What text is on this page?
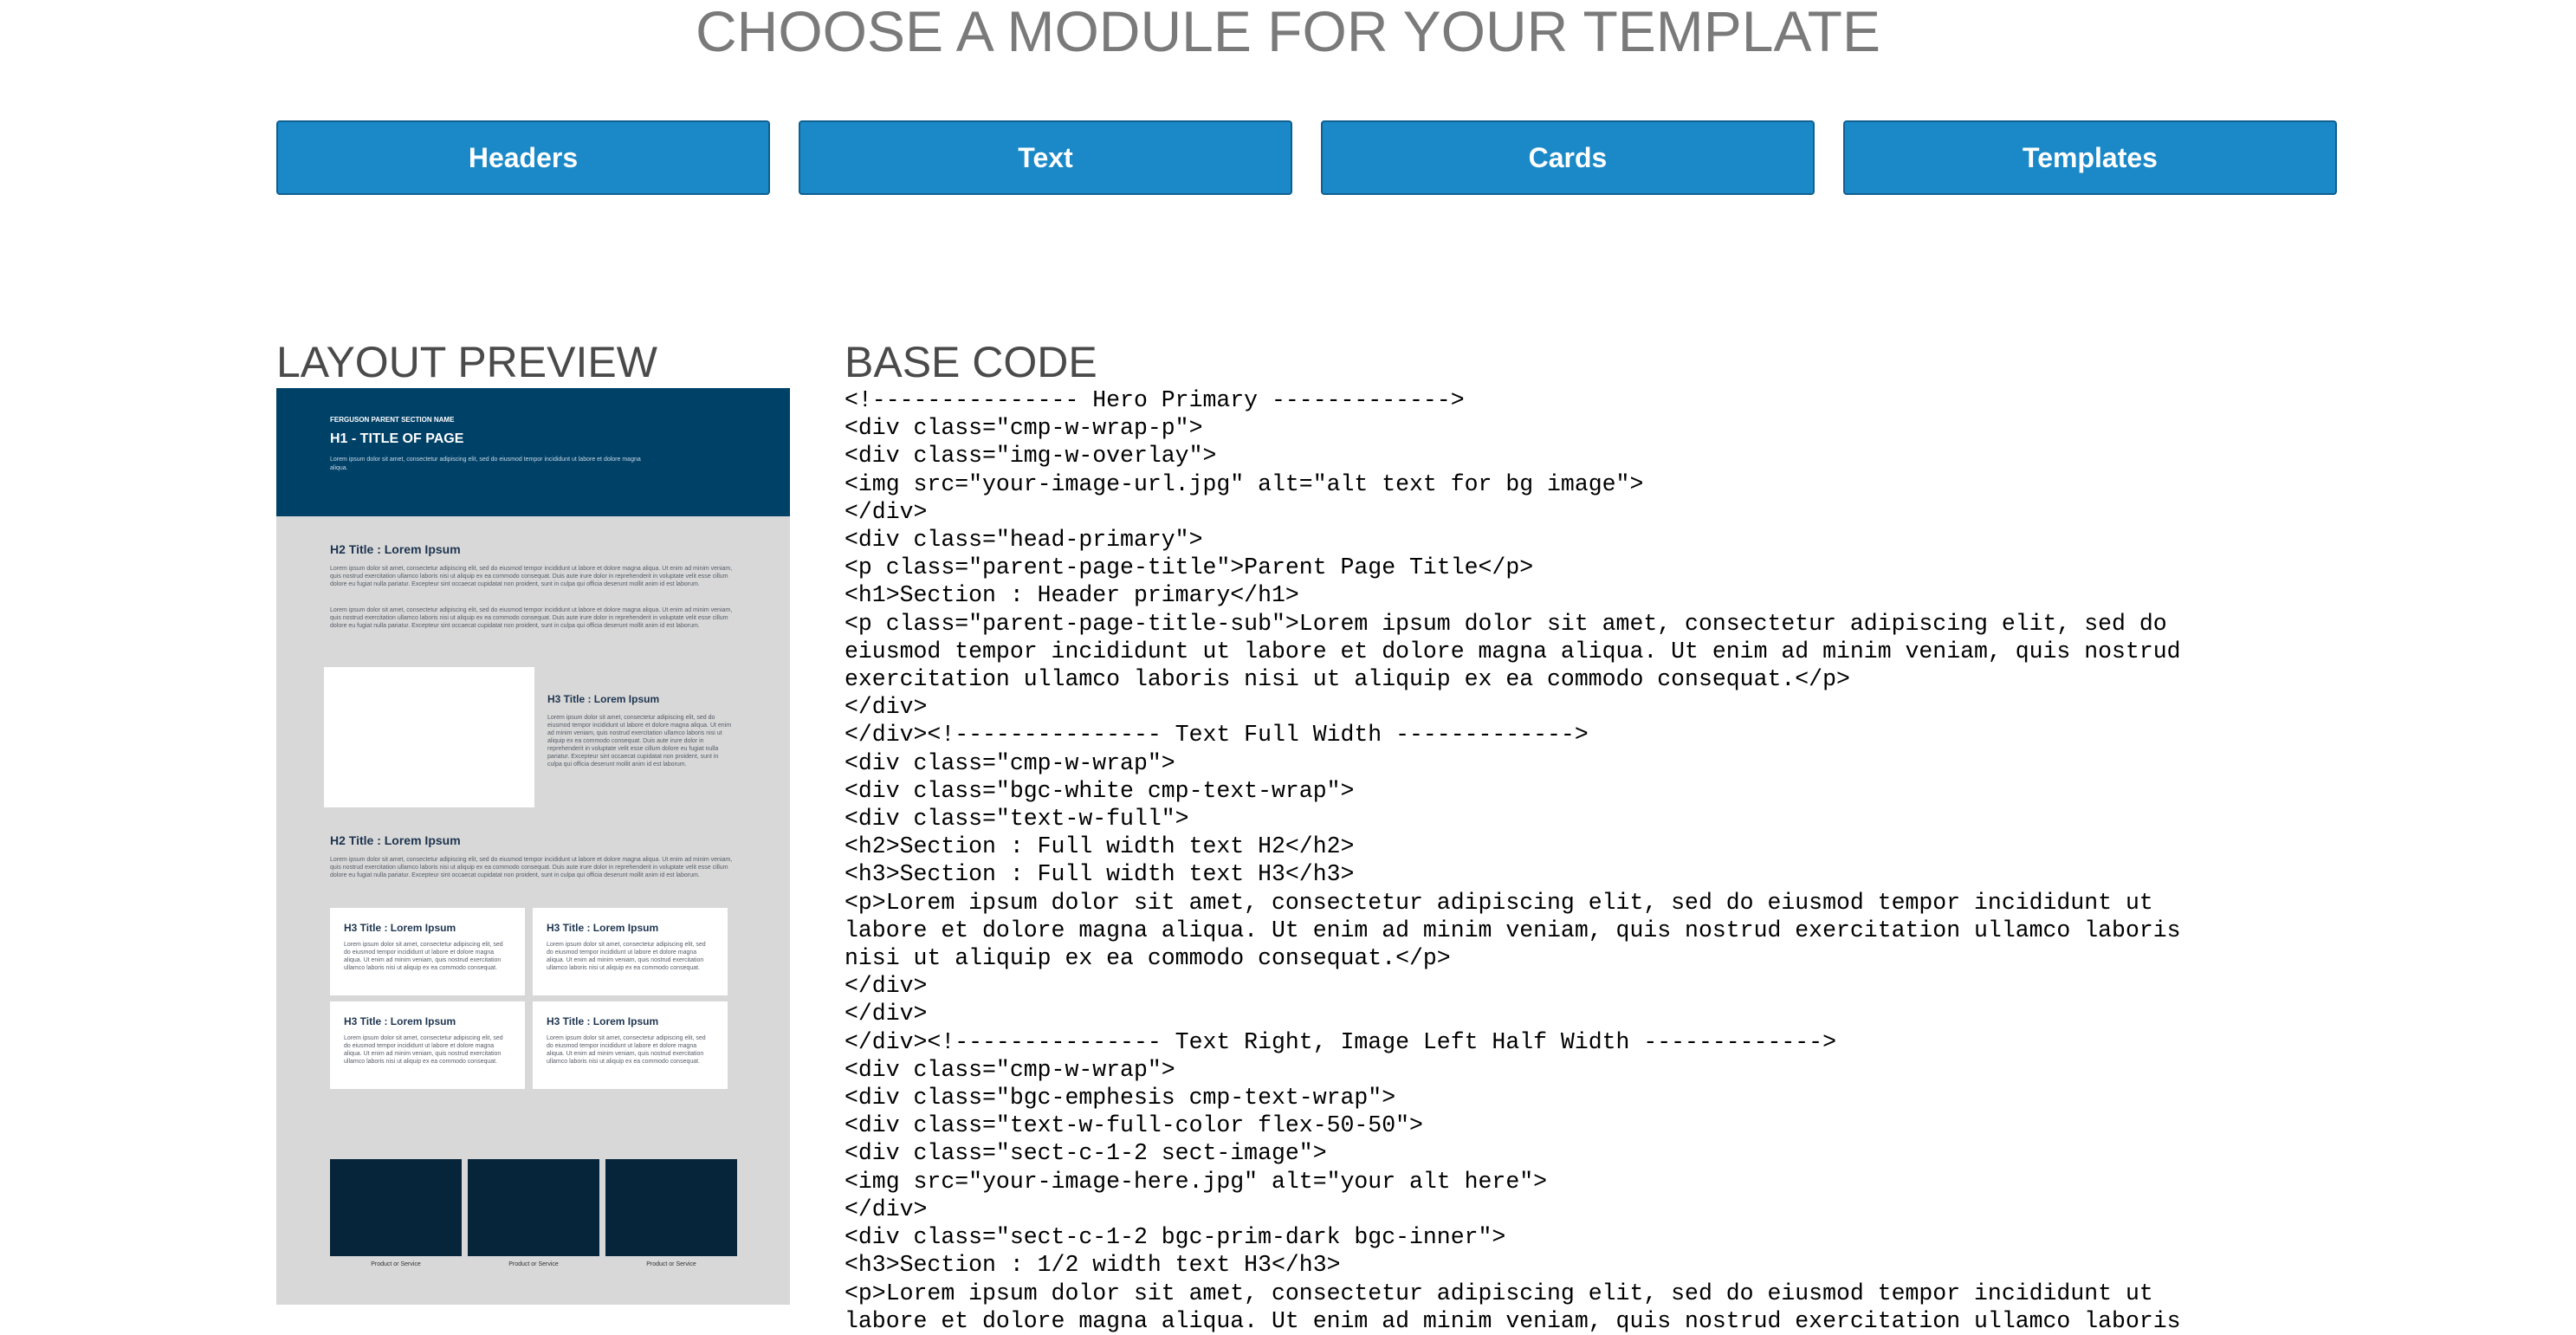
CHOOSE A MODULE FOR YOUR TEMPLATE
Headers	Text	Cards	Templates
LAYOUT PREVIEW	BASE CODE

FERGUSON PARENT SECTION NAME

H1 - TITLE OF PAGE

Lorem ipsum dolor sit amet, consectetur adipiscing elit, sed do eiusmod tempor incididunt ut labore et dolore magna aliqua.

H2 Title : Lorem Ipsum

Lorem ipsum dolor sit amet, consectetur adipiscing elit, sed do eiusmod tempor incididunt ut labore et dolore magna aliqua. Ut enim ad minim veniam, quis nostrud exercitation ullamco laboris nisi ut aliquip ex ea commodo consequat. Duis aute irure dolor in reprehenderit in voluptate velit esse cillum dolore eu fugiat nulla pariatur. Excepteur sint occaecat cupidatat non proident, sunt in culpa qui officia deserunt mollit anim id est laborum.

Lorem ipsum dolor sit amet, consectetur adipiscing elit, sed do eiusmod tempor incididunt ut labore et dolore magna aliqua. Ut enim ad minim veniam, quis nostrud exercitation ullamco laboris nisi ut aliquip ex ea commodo consequat. Duis aute irure dolor in reprehenderit in voluptate velit esse cillum dolore eu fugiat nulla pariatur. Excepteur sint occaecat cupidatat non proident, sunt in culpa qui officia deserunt mollit anim id est laborum.

H3 Title : Lorem Ipsum

Lorem ipsum dolor sit amet, consectetur adipiscing elit, sed do eiusmod tempor incididunt ut labore et dolore magna aliqua. Ut enim ad minim veniam, quis nostrud exercitation ullamco laboris nisi ut aliquip ex ea commodo consequat. Duis aute irure dolor in reprehenderit in voluptate velit esse cillum dolore eu fugiat nulla pariatur. Excepteur sint occaecat cupidatat non proident, sunt in culpa qui officia deserunt mollit anim id est laborum.

H2 Title : Lorem Ipsum

Lorem ipsum dolor sit amet, consectetur adipiscing elit, sed do eiusmod tempor incididunt ut labore et dolore magna aliqua. Ut enim ad minim veniam, quis nostrud exercitation ullamco laboris nisi ut aliquip ex ea commodo consequat. Duis aute irure dolor in reprehenderit in voluptate velit esse cillum dolore eu fugiat nulla pariatur. Excepteur sint occaecat cupidatat non proident, sunt in culpa qui officia deserunt mollit anim id est laborum.

H3 Title : Lorem Ipsum

Lorem ipsum dolor sit amet, consectetur adipiscing elit, sed do eiusmod tempor incididunt ut labore et dolore magna aliqua. Ut enim ad minim veniam, quis nostrud exercitation ullamco laboris nisi ut aliquip ex ea commodo consequat.

H3 Title : Lorem Ipsum

Lorem ipsum dolor sit amet, consectetur adipiscing elit, sed do eiusmod tempor incididunt ut labore et dolore magna aliqua. Ut enim ad minim veniam, quis nostrud exercitation ullamco laboris nisi ut aliquip ex ea commodo consequat.

H3 Title : Lorem Ipsum

Lorem ipsum dolor sit amet, consectetur adipiscing elit, sed do eiusmod tempor incididunt ut labore et dolore magna aliqua. Ut enim ad minim veniam, quis nostrud exercitation ullamco laboris nisi ut aliquip ex ea commodo consequat.

H3 Title : Lorem Ipsum

Lorem ipsum dolor sit amet, consectetur adipiscing elit, sed do eiusmod tempor incididunt ut labore et dolore magna aliqua. Ut enim ad minim veniam, quis nostrud exercitation ullamco laboris nisi ut aliquip ex ea commodo consequat.

Product or Service	Product or Service	Product or Service

<!--------------- Hero Primary ------------->
<div class="cmp-w-wrap-p">
<div class="img-w-overlay">
<img src="your-image-url.jpg" alt="alt text for bg image">
</div>
<div class="head-primary">
<p class="parent-page-title">Parent Page Title</p>
<h1>Section : Header primary</h1>
<p class="parent-page-title-sub">Lorem ipsum dolor sit amet, consectetur adipiscing elit, sed do
eiusmod tempor incididunt ut labore et dolore magna aliqua. Ut enim ad minim veniam, quis nostrud
exercitation ullamco laboris nisi ut aliquip ex ea commodo consequat.</p>
</div>
</div><!--------------- Text Full Width ------------->
<div class="cmp-w-wrap">
<div class="bgc-white cmp-text-wrap">
<div class="text-w-full">
<h2>Section : Full width text H2</h2>
<h3>Section : Full width text H3</h3>
<p>Lorem ipsum dolor sit amet, consectetur adipiscing elit, sed do eiusmod tempor incididunt ut
labore et dolore magna aliqua. Ut enim ad minim veniam, quis nostrud exercitation ullamco laboris
nisi ut aliquip ex ea commodo consequat.</p>
</div>
</div>
</div><!--------------- Text Right, Image Left Half Width ------------->
<div class="cmp-w-wrap">
<div class="bgc-emphesis cmp-text-wrap">
<div class="text-w-full-color flex-50-50">
<div class="sect-c-1-2 sect-image">
<img src="your-image-here.jpg" alt="your alt here">
</div>
<div class="sect-c-1-2 bgc-prim-dark bgc-inner">
<h3>Section : 1/2 width text H3</h3>
<p>Lorem ipsum dolor sit amet, consectetur adipiscing elit, sed do eiusmod tempor incididunt ut
labore et dolore magna aliqua. Ut enim ad minim veniam, quis nostrud exercitation ullamco laboris
